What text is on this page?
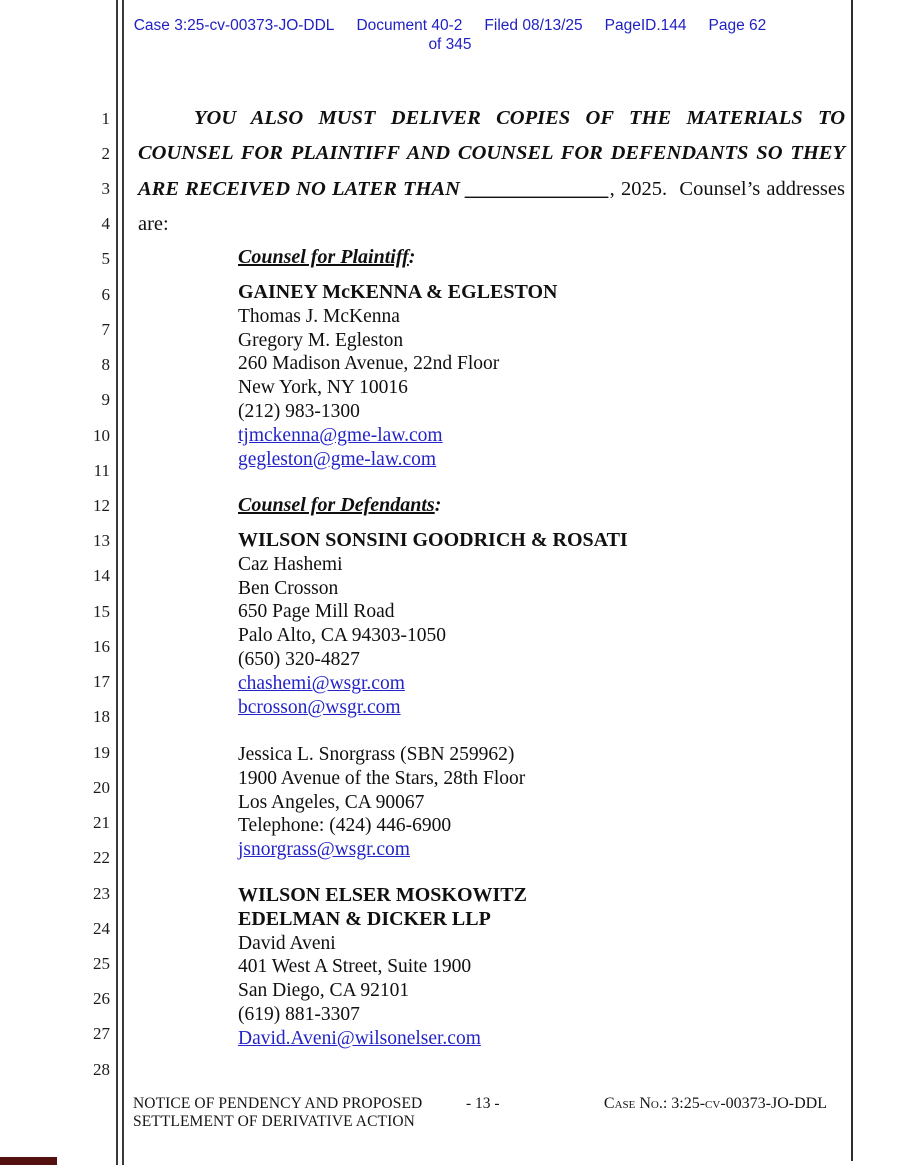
Case 3:25-cv-00373-JO-DDL Document 40-2 Filed 08/13/25 PageID.144 Page 62
of 345
1
2
3
4
5
6
7
8
9
10
11
12
13
14
15
16
17
18
19
20
21
22
23
24
25
26
27
28
YOU ALSO MUST DELIVER COPIES OF THE MATERIALS TO
COUNSEL FOR PLAINTIFF AND COUNSEL FOR DEFENDANTS SO THEY
ARE RECEIVED NO LATER THAN ______________, 2025.  Counsel’s addresses
are:
Counsel for Plaintiff:
GAINEY McKENNA & EGLESTON
Thomas J. McKenna
Gregory M. Egleston
260 Madison Avenue, 22nd Floor
New York, NY 10016
(212) 983-1300
tjmckenna@gme-law.com
gegleston@gme-law.com
Counsel for Defendants:
WILSON SONSINI GOODRICH & ROSATI
Caz Hashemi
Ben Crosson
650 Page Mill Road
Palo Alto, CA 94303-1050
(650) 320-4827
chashemi@wsgr.com
bcrosson@wsgr.com
Jessica L. Snorgrass (SBN 259962)
1900 Avenue of the Stars, 28th Floor
Los Angeles, CA 90067
Telephone: (424) 446-6900
jsnorgrass@wsgr.com
WILSON ELSER MOSKOWITZ
EDELMAN & DICKER LLP
David Aveni
401 West A Street, Suite 1900
San Diego, CA 92101
(619) 881-3307
David.Aveni@wilsonelser.com
NOTICE OF PENDENCY AND PROPOSED
SETTLEMENT OF DERIVATIVE ACTION
- 13 -	Case No.: 3:25-cv-00373-JO-DDL
